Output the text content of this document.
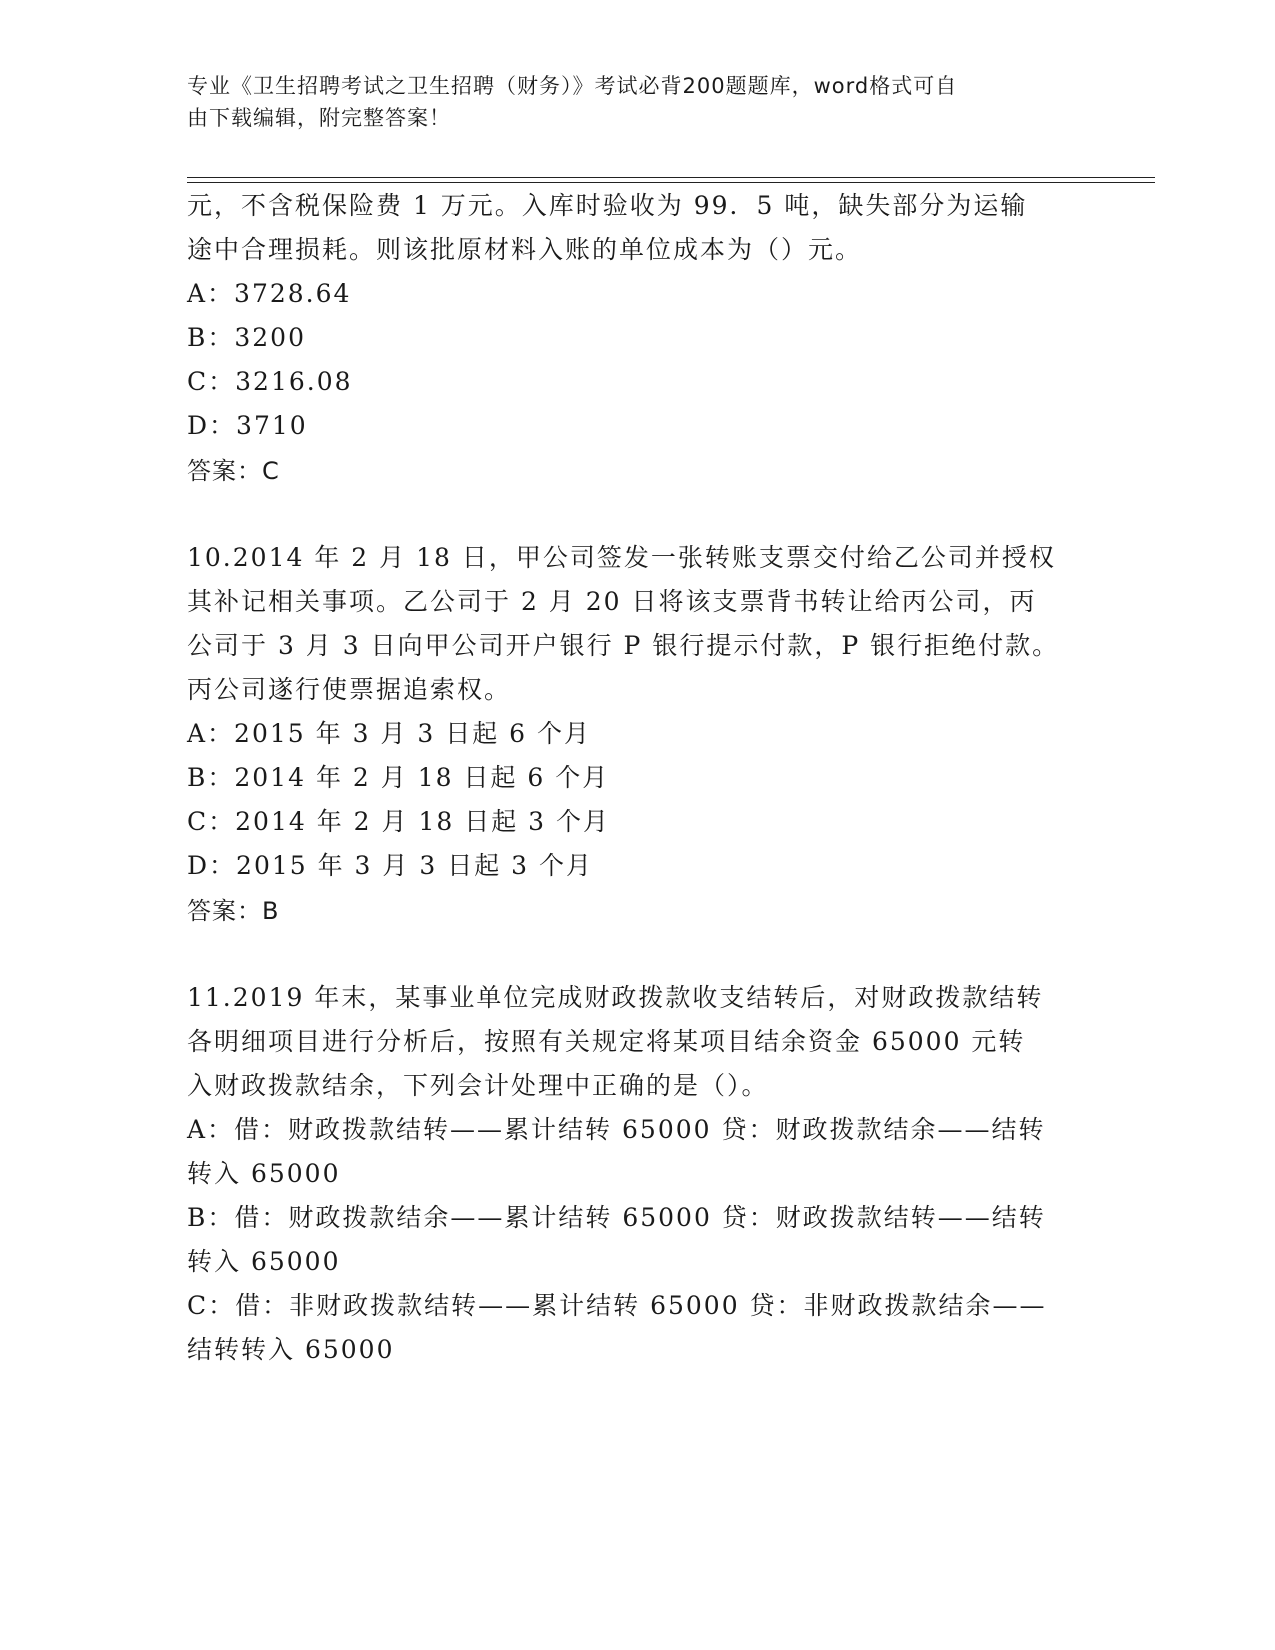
专业《卫生招聘考试之卫生招聘（财务）》考试必背200题题库，word格式可自
由下载编辑，附完整答案！
元，不含税保险费 1 万元。入库时验收为 99．5 吨，缺失部分为运输
途中合理损耗。则该批原材料入账的单位成本为（）元。
A：3728.64
B：3200
C：3216.08
D：3710
答案：C
10.2014 年 2 月 18 日，甲公司签发一张转账支票交付给乙公司并授权
其补记相关事项。乙公司于 2 月 20 日将该支票背书转让给丙公司，丙
公司于 3 月 3 日向甲公司开户银行 P 银行提示付款，P 银行拒绝付款。
丙公司遂行使票据追索权。
A：2015 年 3 月 3 日起 6 个月
B：2014 年 2 月 18 日起 6 个月
C：2014 年 2 月 18 日起 3 个月
D：2015 年 3 月 3 日起 3 个月
答案：B
11.2019 年末，某事业单位完成财政拨款收支结转后，对财政拨款结转
各明细项目进行分析后，按照有关规定将某项目结余资金 65000 元转
入财政拨款结余，下列会计处理中正确的是（）。
A：借：财政拨款结转——累计结转 65000 贷：财政拨款结余——结转
转入 65000
B：借：财政拨款结余——累计结转 65000 贷：财政拨款结转——结转
转入 65000
C：借：非财政拨款结转——累计结转 65000 贷：非财政拨款结余——
结转转入 65000
